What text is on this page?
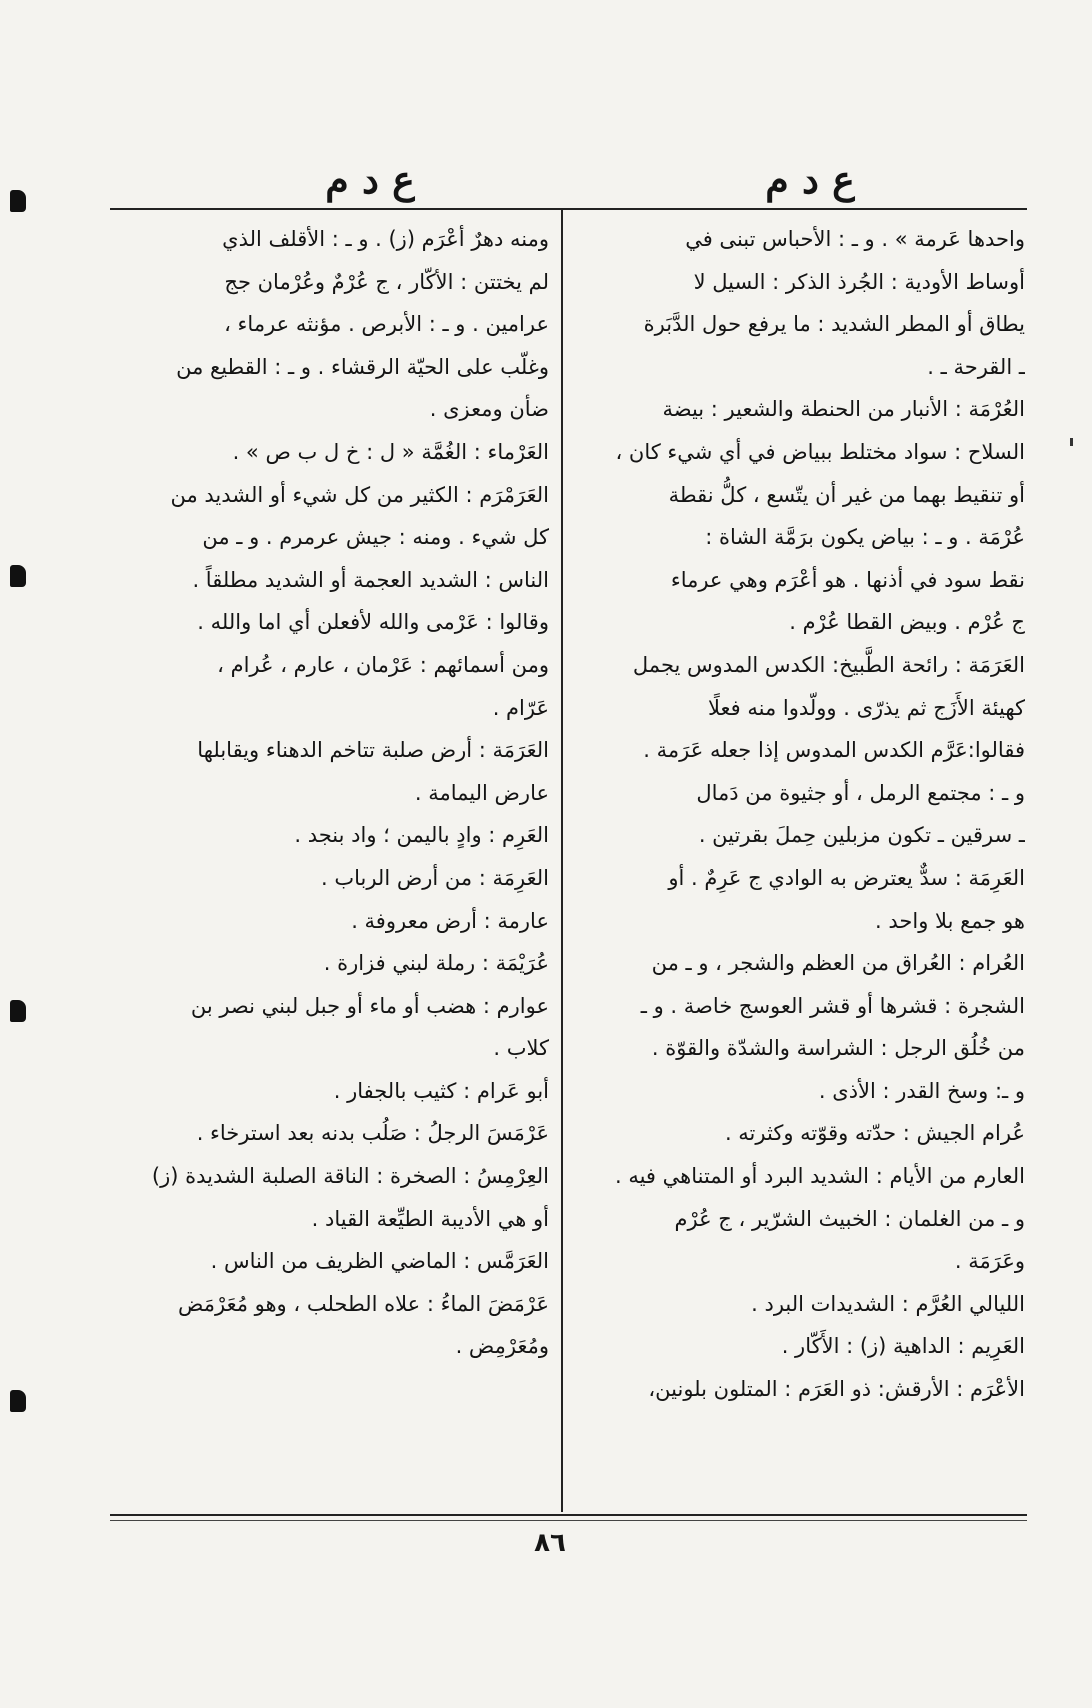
ع د م
ع د م
واحدها عَرمة » . و ـ : الأحباس تبنى في
أوساط الأودية : الجُرذ الذكر : السيل لا
يطاق أو المطر الشديد : ما يرفع حول الدَّبَرة
ـ القرحة ـ .
العُرْمَة : الأنبار من الحنطة والشعير : بيضة
السلاح : سواد مختلط ببياض في أي شيء كان ،
أو تنقيط بهما من غير أن يتّسع ، كلُّ نقطة
عُرْمَة . و ـ : بياض يكون برَمَّة الشاة :
نقط سود في أذنها . هو أعْرَم وهي عرماء
ج عُرْم . وبيض القطا عُرْم .
العَرَمَة : رائحة الطَّبيخ: الكدس المدوس يجمل
كهيئة الأَزَج ثم يذرّى . وولّدوا منه فعلًا
فقالوا:عَرَّم الكدس المدوس إذا جعله عَرَمة .
و ـ : مجتمع الرمل ، أو جثيوة من دَمال
ـ سرقين ـ تكون مزبلين حِملَ بقرتين .
العَرِمَة : سدٌّ يعترض به الوادي ج عَرِمٌ . أو
هو جمع بلا واحد .
العُرام : العُراق من العظم والشجر ، و ـ من
الشجرة : قشرها أو قشر العوسج خاصة . و ـ
من خُلُق الرجل : الشراسة والشدّة والقوّة .
و ـ: وسخ القدر : الأذى .
عُرام الجيش : حدّته وقوّته وكثرته .
العارم من الأيام : الشديد البرد أو المتناهي فيه .
و ـ من الغلمان : الخبيث الشرّير ، ج عُرْم
وعَرَمَة .
الليالي العُرَّم : الشديدات البرد .
العَرِيم : الداهية (ز) : الأَكّار .
الأعْرَم : الأرقش: ذو العَرَم : المتلون بلونين،
ومنه دهرٌ أعْرَم (ز) . و ـ : الأقلف الذي
لم يختتن : الأكّار ، ج عُرْمٌ وعُرْمان جج
عرامين . و ـ : الأبرص . مؤنثه عرماء ،
وغلّب على الحيّة الرقشاء . و ـ : القطيع من
ضأن ومعزى .
العَرْماء : الغُمَّة « ل : خ ل ب ص » .
العَرَمْرَم : الكثير من كل شيء أو الشديد من
كل شيء . ومنه : جيش عرمرم . و ـ من
الناس : الشديد العجمة أو الشديد مطلقاً .
وقالوا : عَرْمى والله لأفعلن أي اما والله .
ومن أسمائهم : عَرْمان ، عارم ، عُرام ،
عَرّام .
العَرَمَة : أرض صلبة تتاخم الدهناء ويقابلها
عارض اليمامة .
العَرِم : وادٍ باليمن ؛ واد بنجد .
العَرِمَة : من أرض الرباب .
عارمة : أرض معروفة .
عُرَيْمَة : رملة لبني فزارة .
عوارم : هضب أو ماء أو جبل لبني نصر بن
كلاب .
أبو عَرام : كثيب بالجفار .
عَرْمَسَ الرجلُ : صَلُب بدنه بعد استرخاء .
العِرْمِسُ : الصخرة : الناقة الصلبة الشديدة (ز)
أو هي الأديبة الطيِّعة القياد .
العَرَمَّس : الماضي الظريف من الناس .
عَرْمَضَ الماءُ : علاه الطحلب ، وهو مُعَرْمَض
ومُعَرْمِض .
٨٦
